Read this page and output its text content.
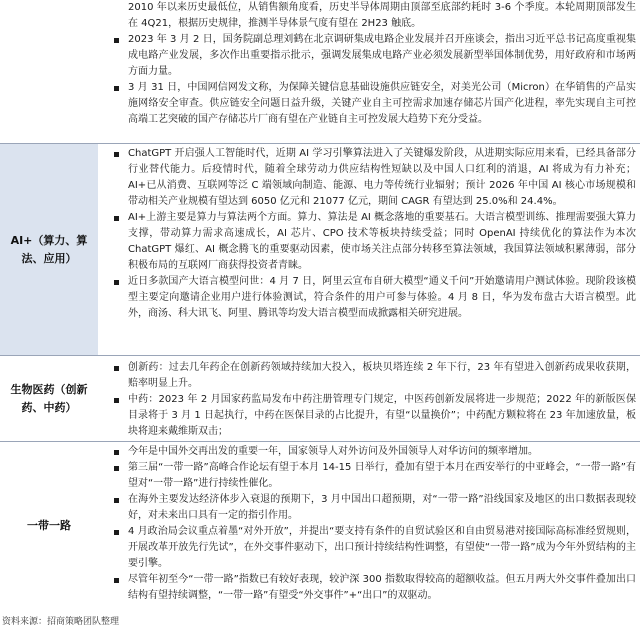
2010 年以来历史最低位，从销售额角度看，历史半导体周期由顶部至底部约耗时 3-6 个季度。本轮周期顶部发生在 4Q21，根据历史规律，推测半导体景气度有望在 2H23 触底。
2023 年 3 月 2 日，国务院副总理刘鹤在北京调研集成电路企业发展并召开座谈会，指出习近平总书记高度重视集成电路产业发展，多次作出重要指示批示，强调发展集成电路产业必须发展新型举国体制优势，用好政府和市场两方面力量。
3 月 31 日，中国网信网发文称，为保障关键信息基础设施供应链安全，对美光公司（Micron）在华销售的产品实施网络安全审查。供应链安全问题日益升级，关键产业自主可控需求加速存储芯片国产化进程，率先实现自主可控高端工艺突破的国产存储芯片厂商有望在产业链自主可控发展大趋势下充分受益。
AI+（算力、算法、应用）
ChatGPT 开启强人工智能时代，近期 AI 学习引擎算法进入了关键爆发阶段，从进期实际应用来看，已经具备部分行业替代能力。后疫情时代，随着全球劳动力供应结构性短缺以及中国人口红利的消退，AI 将成为有力补充；AI+已从消费、互联网等泛 C 端领域向制造、能源、电力等传统行业辐射；预计 2026 年中国 AI 核心市场规模和带动相关产业规模有望达到 6050 亿元和 21077 亿元，期间 CAGR 有望达到 25.0%和 24.4%。
AI+上游主要是算力与算法两个方面。算力、算法是 AI 概念落地的重要基石。大语言模型训练、推理需要强大算力支撑，带动算力需求高速成长，AI 芯片、CPO 技术等板块持续受益；同时 OpenAI 持续优化的算法作为本次 ChatGPT 爆红、AI 概念腾飞的重要驱动因素，使市场关注点部分转移至算法领域，我国算法领域积累薄弱，部分积极布局的互联网厂商获得投资者青睐。
近日多款国产大语言模型问世：4 月 7 日，阿里云宣布自研大模型“通义千问”开始邀请用户测试体验。现阶段该模型主要定向邀请企业用户进行体验测试，符合条件的用户可参与体验。4 月 8 日，华为发布盘古大语言模型。此外，商汤、科大讯飞、阿里、腾讯等均发大语言模型而成掀露相关研究进展。
生物医药（创新药、中药）
创新药：过去几年药企在创新药领域持续加大投入，板块贝塔连续 2 年下行，23 年有望进入创新药成果收获期，赔率明显上升。
中药：2023 年 2 月国家药监局发布中药注册管理专门规定，中医药创新发展将进一步规范；2022 年的新版医保目录将于 3 月 1 日起执行，中药在医保目录的占比提升，有望“以量换价”；中药配方颗粒将在 23 年加速放量，板块将迎来戴维斯双击；
一带一路
今年是中国外交再出发的重要一年，国家领导人对外访问及外国领导人对华访问的频率增加。
第三届“一带一路”高峰合作论坛有望于本月 14-15 日举行，叠加有望于本月在西安举行的中亚峰会，“一带一路”有望对“一带一路”进行持续性催化。
在海外主要发达经济体步入衰退的预期下，3 月中国出口超预期，对“一带一路”沿线国家及地区的出口数据表现较好，对未来出口具有一定的指引作用。
4 月政治局会议重点着墨“对外开放”，并提出“要支持有条件的自贸试验区和自由贸易港对接国际高标准经贸规则，开展改革开放先行先试”，在外交事件驱动下，出口预计持续结构性调整，有望使“一带一路”成为今年外贸结构的主要引擎。
尽管年初至今“一带一路”指数已有较好表现，较沪深 300 指数取得较高的超额收益。但五月两大外交事件叠加出口结构有望持续调整，“一带一路”有望受“外交事件”+“出口”的双驱动。
资料来源：招商策略团队整理
